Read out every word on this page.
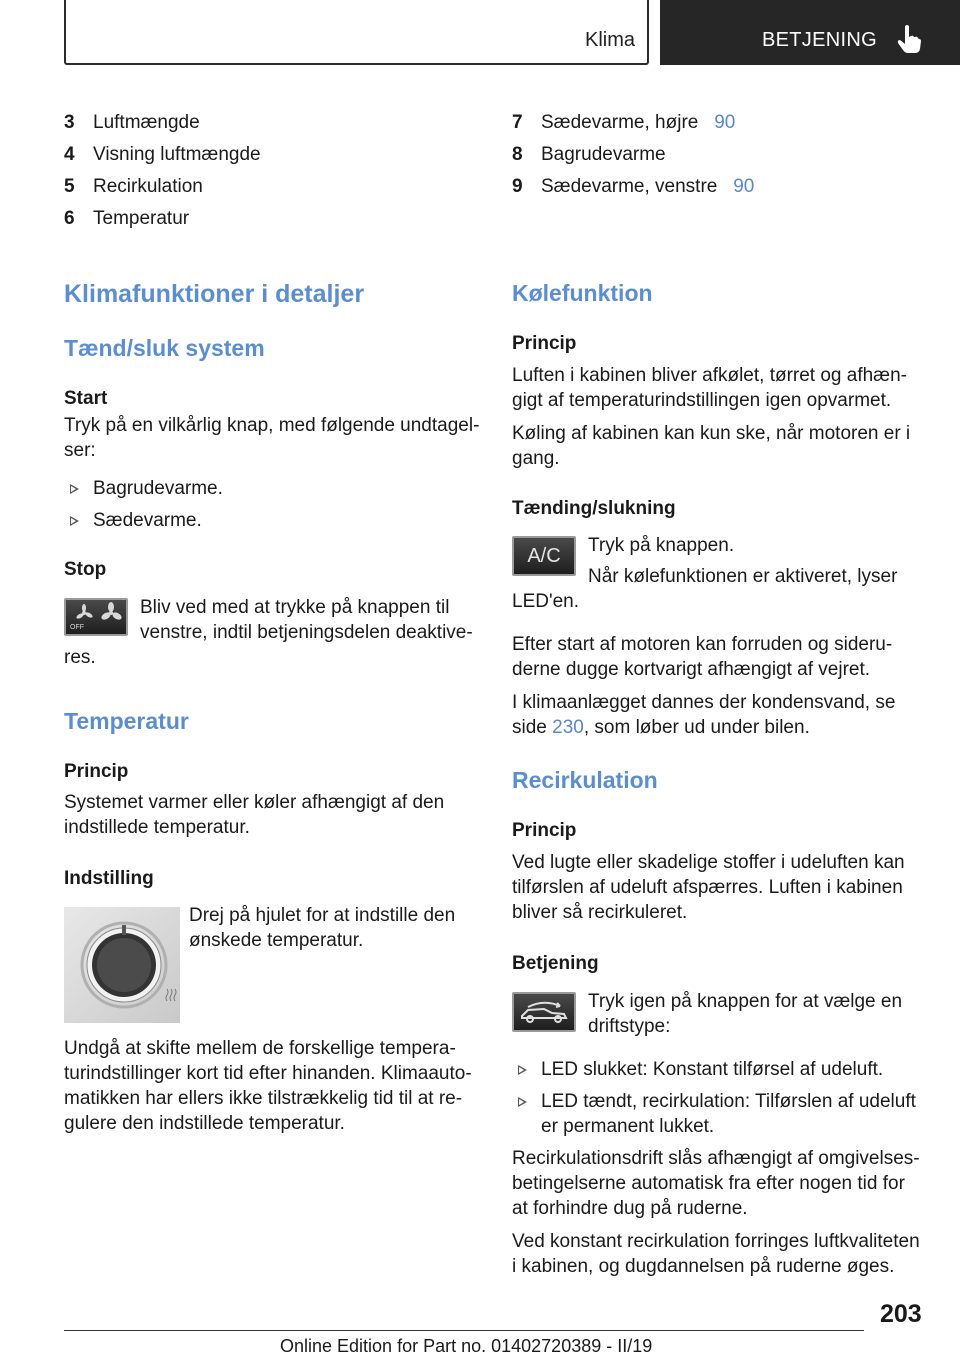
Klima	BETJENING
3 Luftmængde
4 Visning luftmængde
5 Recirkulation
6 Temperatur
Klimafunktioner i detaljer
Tænd/sluk system
Start
Tryk på en vilkårlig knap, med følgende undtagel-
ser:
Bagrudevarme.
Sædevarme.
Stop
OFF
Bliv ved med at trykke på knappen til
venstre, indtil betjeningsdelen deaktive-
res.
Temperatur
Princip
Systemet varmer eller køler afhængigt af den
indstillede temperatur.
Indstilling
Drej på hjulet for at indstille den
ønskede temperatur.
Undgå at skifte mellem de forskellige tempera-
turindstillinger kort tid efter hinanden. Klimaauto-
matikken har ellers ikke tilstrækkelig tid til at re-
gulere den indstillede temperatur.
7 Sædevarme, højre 90
8 Bagrudevarme
9 Sædevarme, venstre 90
Kølefunktion
Princip
Luften i kabinen bliver afkølet, tørret og afhæn-
gigt af temperaturindstillingen igen opvarmet.
Køling af kabinen kan kun ske, når motoren er i
gang.
Tænding/slukning
A/C	Tryk på knappen.
Når kølefunktionen er aktiveret, lyser
LED'en.
Efter start af motoren kan forruden og sideru-
derne dugge kortvarigt afhængigt af vejret.
I klimaanlægget dannes der kondensvand, se
side 230, som løber ud under bilen.
Recirkulation
Princip
Ved lugte eller skadelige stoffer i udeluften kan
tilførslen af udeluft afspærres. Luften i kabinen
bliver så recirkuleret.
Betjening
Tryk igen på knappen for at vælge en
driftstype:
LED slukket: Konstant tilførsel af udeluft.
LED tændt, recirkulation: Tilførslen af udeluft
er permanent lukket.
Recirkulationsdrift slås afhængigt af omgivelses-
betingelserne automatisk fra efter nogen tid for
at forhindre dug på ruderne.
Ved konstant recirkulation forringes luftkvaliteten
i kabinen, og dugdannelsen på ruderne øges.
203
Online Edition for Part no. 01402720389 - II/19
